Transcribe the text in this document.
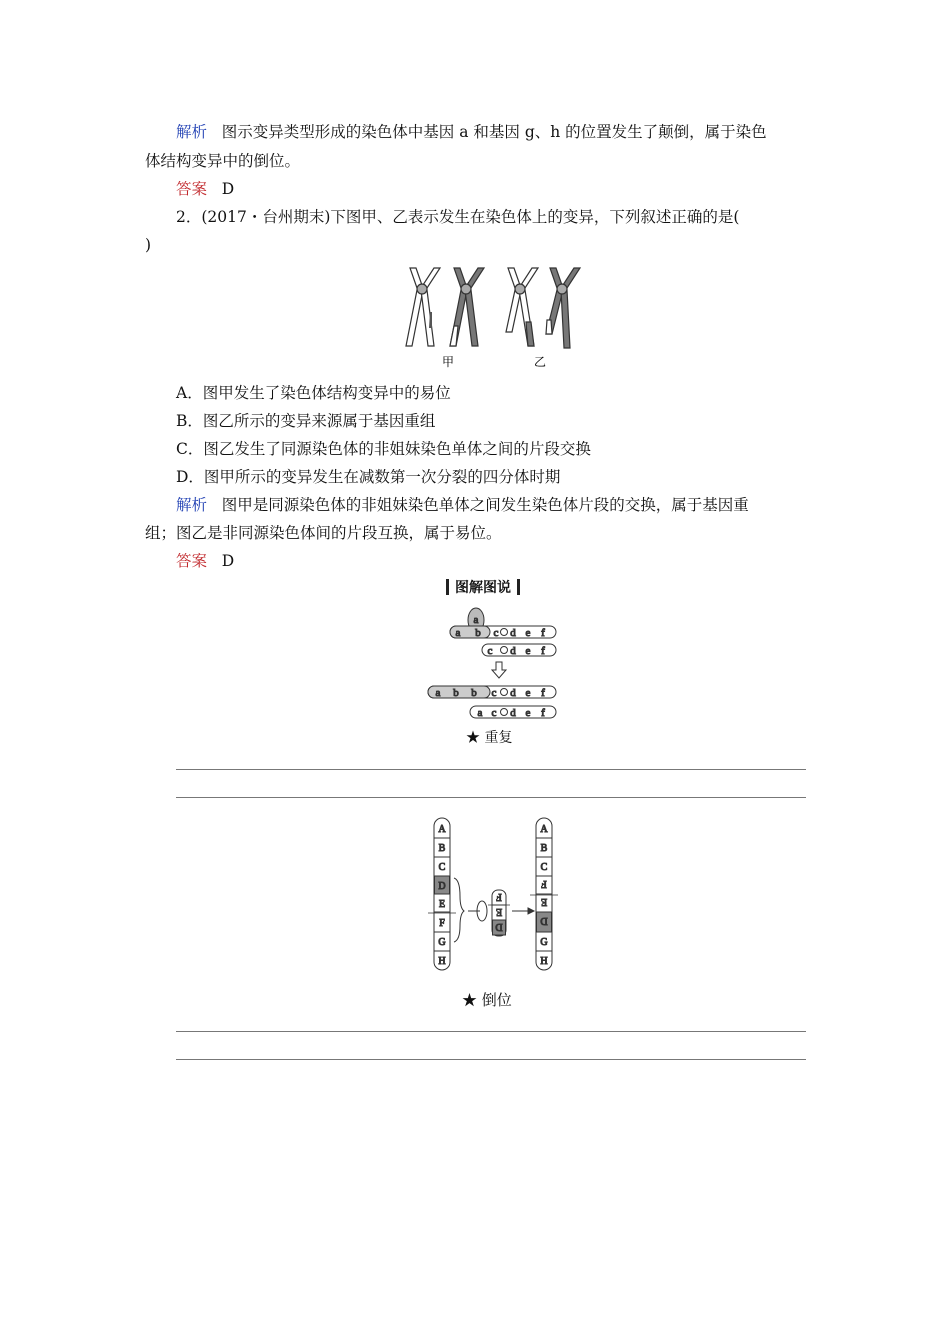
解析 图示变异类型形成的染色体中基因 a 和基因 g、h 的位置发生了颠倒，属于染色
体结构变异中的倒位。
答案 D
2．(2017・台州期末)下图甲、乙表示发生在染色体上的变异，下列叙述正确的是(
)
甲	乙
A．图甲发生了染色体结构变异中的易位
B．图乙所示的变异来源属于基因重组
C．图乙发生了同源染色体的非姐妹染色单体之间的片段交换
D．图甲所示的变异发生在减数第一次分裂的四分体时期
解析 图甲是同源染色体的非姐妹染色单体之间发生染色体片段的交换，属于基因重
组；图乙是非同源染色体间的片段互换，属于易位。
答案 D
图解图说
a
a b c d e f
c d e f
a b b c d e f
a c d e f
★ 重复
A
B
C
D
E
F
G
H
F
E
D
A
B
C
F
E
D
G
H
★ 倒位
